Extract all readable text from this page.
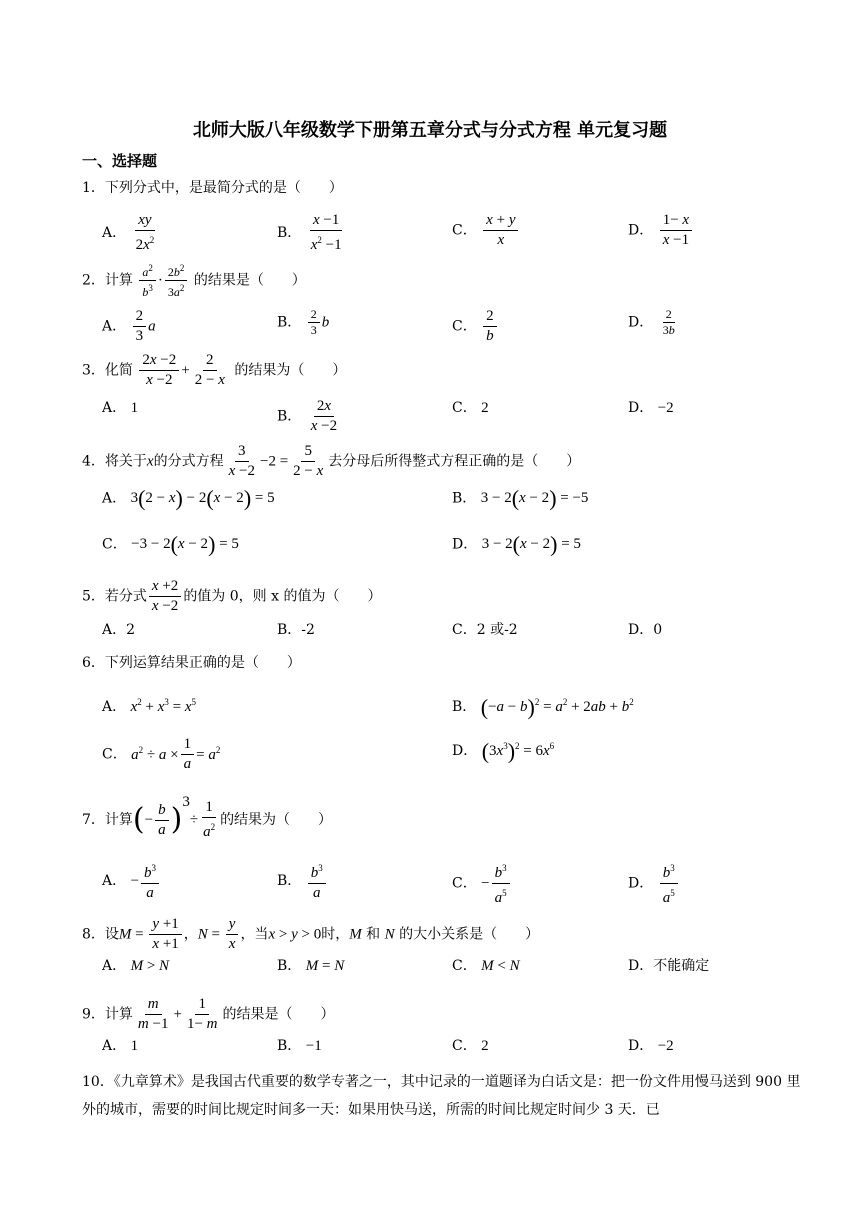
北师大版八年级数学下册第五章分式与分式方程 单元复习题
一、选择题
1．下列分式中，是最简分式的是（　　）
A． $\frac{xy}{2x^2}$	B． $\frac{x -1}{x^2 -1}$	C． $\frac{x + y}{x}$	D． $\frac{1- x}{x -1}$
2．计算 $\frac{a^2}{b^3} \cdot \frac{2b^2}{3a^2}$ 的结果是（　　）
A． $\frac{2}{3}$ a	B． $\frac{2}{3}$ b	C． $\frac{2}{b}$	D． $\frac{2}{3b}$
3．化简 $\frac{2x -2}{x -2} + \frac{2}{2 - x}$ 的结果为（　　）
A． 1
B． $\frac{2x}{x -2}$	C． 2	D． −2
4．将关于x的分式方程 $\frac{3}{x -2} -2 = \frac{5}{2 - x}$ 去分母后所得整式方程正确的是（　　）
A． 3(2 − x) − 2(x − 2) = 5	B． 3 − 2(x − 2) = −5
C． −3 − 2(x − 2) = 5	D． 3 − 2(x − 2) = 5
5．若分式 $\frac{x +2}{x -2}$ 的值为 0，则 x 的值为（　　）
A．2	B．-2	C．2 或-2	D．0
6．下列运算结果正确的是（　　）
A． $x^2 + x^3 = x^5$	B． $(-a - b)^2 = a^2 + 2ab + b^2$
C． $a^2 \div a \times \frac{1}{a} = a^2$	D． $(3x^3)^2 = 6x^6$
7．计算(− $\frac{b}{a} )^3\div \frac{1}{a^2}$ 的结果为（　　）
A． − $\frac{b^3}{a}$	B． $\frac{b^3}{a}$	C． − $\frac{b^3}{a^5}$	D． $\frac{b^3}{a^5}$
8．设$M = \frac{y +1}{x +1}$ ，$N = \frac{y}{x}$ ，当x > y > 0时，M 和 N 的大小关系是（　　）
A． M > N	B． M = N	C． M < N	D．不能确定
9．计算 $\frac{m}{m -1} + \frac{1}{1- m}$ 的结果是（　　）
A． 1	B． −1	C． 2	D． −2
10．《九章算术》是我国古代重要的数学专著之一，其中记录的一道题译为白话文是：把一份文件用慢马送到 900 里外的城市，需要的时间比规定时间多一天：如果用快马送，所需的时间比规定时间少 3 天．已
